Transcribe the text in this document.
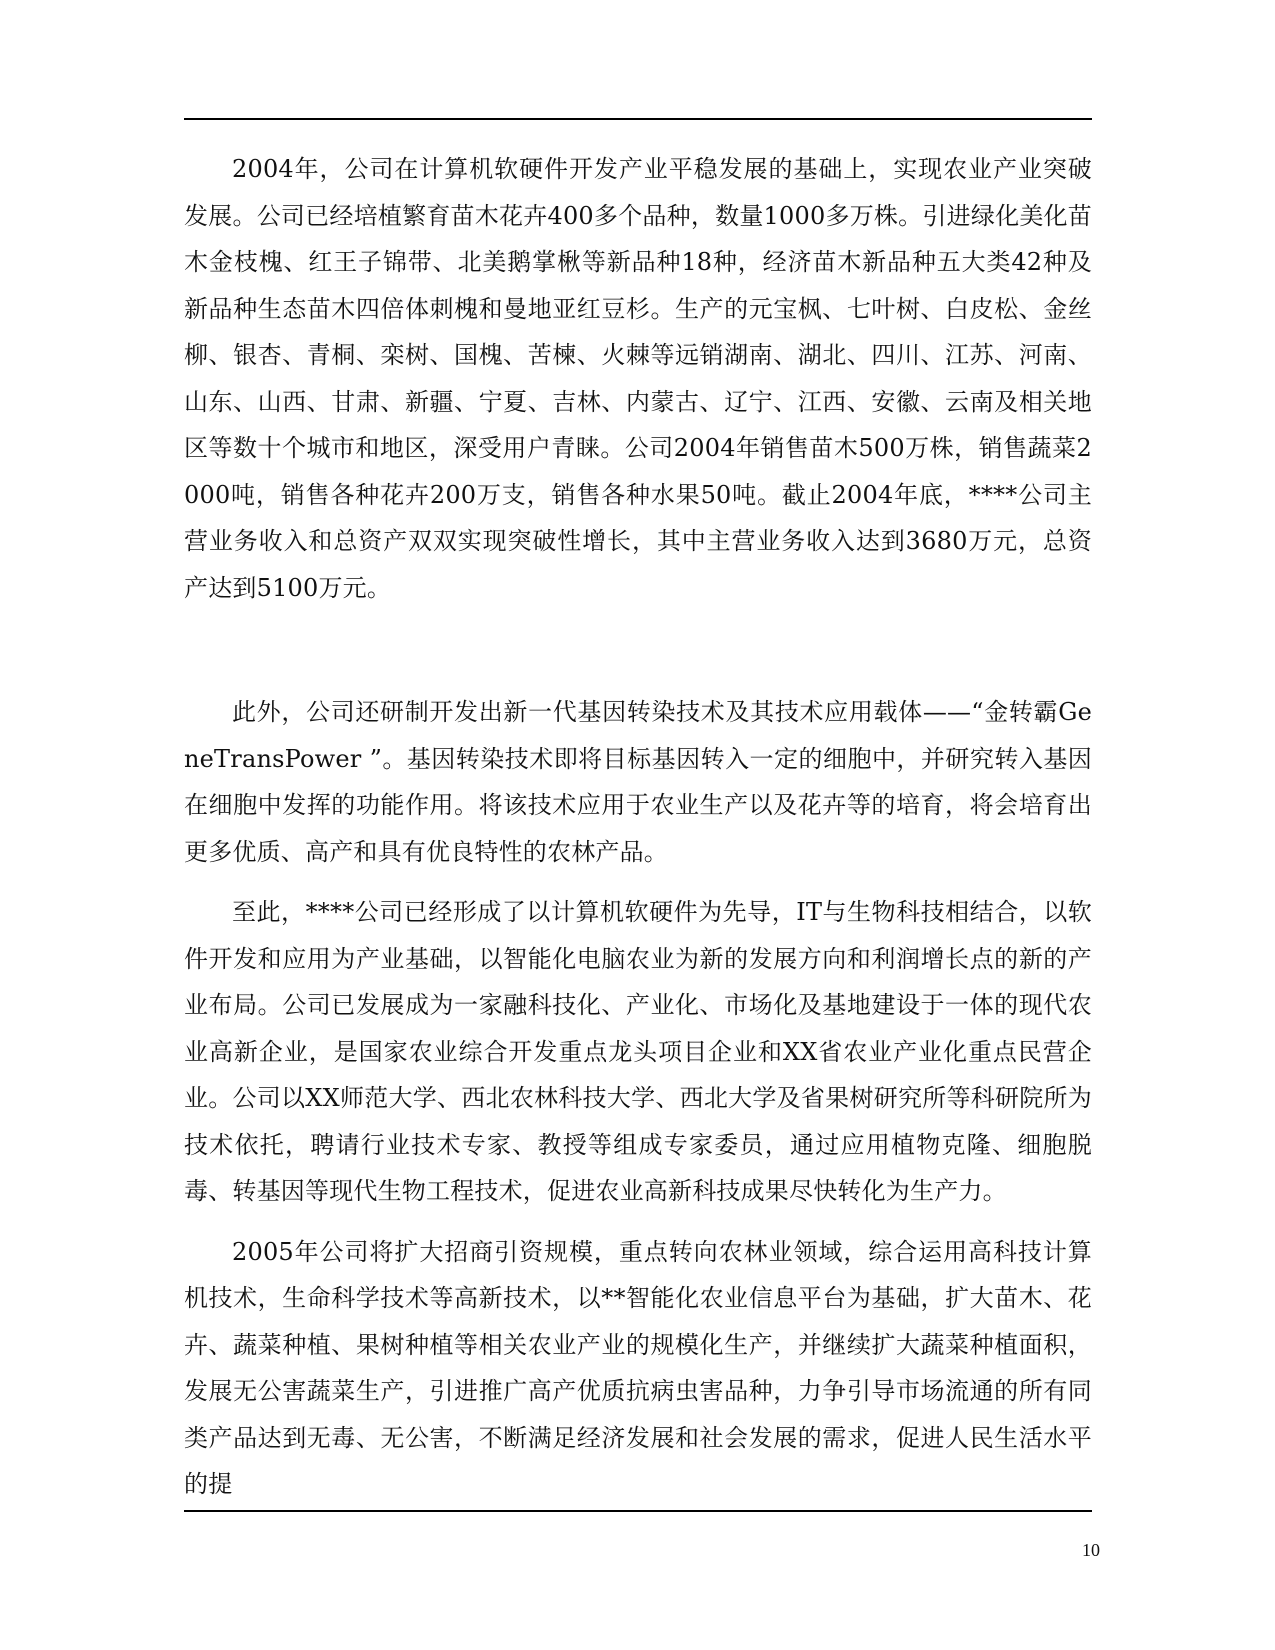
2004年，公司在计算机软硬件开发产业平稳发展的基础上，实现农业产业突破发展。公司已经培植繁育苗木花卉400多个品种，数量1000多万株。引进绿化美化苗木金枝槐、红王子锦带、北美鹅掌楸等新品种18种，经济苗木新品种五大类42种及新品种生态苗木四倍体刺槐和曼地亚红豆杉。生产的元宝枫、七叶树、白皮松、金丝柳、银杏、青桐、栾树、国槐、苦楝、火棘等远销湖南、湖北、四川、江苏、河南、山东、山西、甘肃、新疆、宁夏、吉林、内蒙古、辽宁、江西、安徽、云南及相关地区等数十个城市和地区，深受用户青睐。公司2004年销售苗木500万株，销售蔬菜2000吨，销售各种花卉200万支，销售各种水果50吨。截止2004年底，****公司主营业务收入和总资产双双实现突破性增长，其中主营业务收入达到3680万元，总资产达到5100万元。

此外，公司还研制开发出新一代基因转染技术及其技术应用载体——“金转霸GeneTransPower ”。基因转染技术即将目标基因转入一定的细胞中，并研究转入基因在细胞中发挥的功能作用。将该技术应用于农业生产以及花卉等的培育，将会培育出更多优质、高产和具有优良特性的农林产品。

至此，****公司已经形成了以计算机软硬件为先导，IT与生物科技相结合，以软件开发和应用为产业基础，以智能化电脑农业为新的发展方向和利润增长点的新的产业布局。公司已发展成为一家融科技化、产业化、市场化及基地建设于一体的现代农业高新企业，是国家农业综合开发重点龙头项目企业和XX省农业产业化重点民营企业。公司以XX师范大学、西北农林科技大学、西北大学及省果树研究所等科研院所为技术依托，聘请行业技术专家、教授等组成专家委员，通过应用植物克隆、细胞脱毒、转基因等现代生物工程技术，促进农业高新科技成果尽快转化为生产力。

2005年公司将扩大招商引资规模，重点转向农林业领域，综合运用高科技计算机技术，生命科学技术等高新技术，以**智能化农业信息平台为基础，扩大苗木、花卉、蔬菜种植、果树种植等相关农业产业的规模化生产，并继续扩大蔬菜种植面积，发展无公害蔬菜生产，引进推广高产优质抗病虫害品种，力争引导市场流通的所有同类产品达到无毒、无公害，不断满足经济发展和社会发展的需求，促进人民生活水平的提

10
